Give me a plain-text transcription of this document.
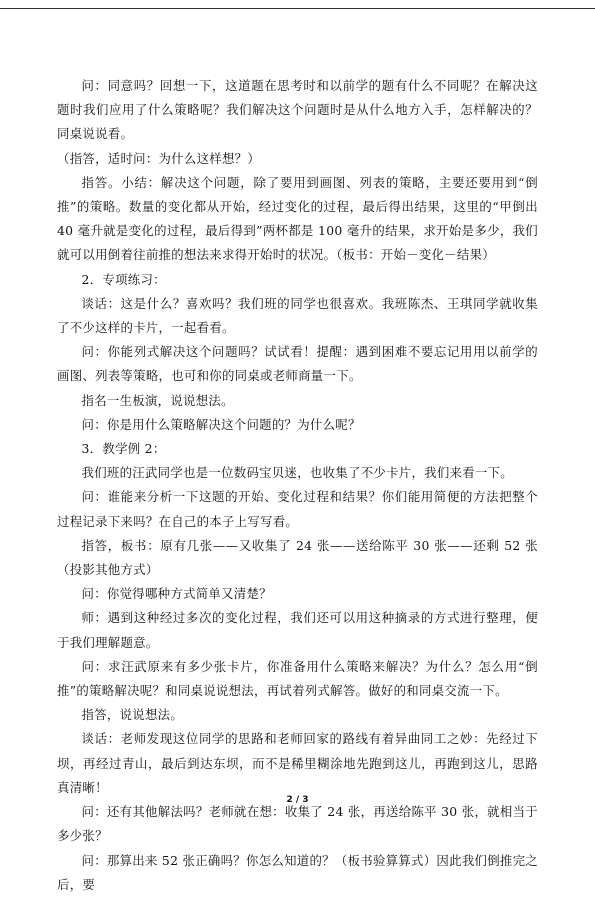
问：同意吗？回想一下，这道题在思考时和以前学的题有什么不同呢？在解决这题时我们应用了什么策略呢？我们解决这个问题时是从什么地方入手，怎样解决的？同桌说说看。

（指答，适时问：为什么这样想？）

指答。小结：解决这个问题，除了要用到画图、列表的策略，主要还要用到“倒推”的策略。数量的变化都从开始，经过变化的过程，最后得出结果，这里的“甲倒出 40 毫升就是变化的过程，最后得到”两杯都是 100 毫升的结果，求开始是多少，我们就可以用倒着往前推的想法来求得开始时的状况。（板书：开始－变化－结果）

2．专项练习：

谈话：这是什么？喜欢吗？我们班的同学也很喜欢。我班陈杰、王琪同学就收集了不少这样的卡片，一起看看。

问：你能列式解决这个问题吗？试试看！提醒：遇到困难不要忘记用用以前学的画图、列表等策略，也可和你的同桌或老师商量一下。

指名一生板演，说说想法。

问：你是用什么策略解决这个问题的？为什么呢？

3．教学例 2：

我们班的汪武同学也是一位数码宝贝迷，也收集了不少卡片，我们来看一下。

问：谁能来分析一下这题的开始、变化过程和结果？你们能用简便的方法把整个过程记录下来吗？在自己的本子上写写看。

指答，板书：原有几张——又收集了 24 张——送给陈平 30 张——还剩 52 张（投影其他方式）

问：你觉得哪种方式简单又清楚？

师：遇到这种经过多次的变化过程，我们还可以用这种摘录的方式进行整理，便于我们理解题意。

问：求汪武原来有多少张卡片，你准备用什么策略来解决？为什么？怎么用“倒推”的策略解决呢？和同桌说说想法，再试着列式解答。做好的和同桌交流一下。

指答，说说想法。

谈话：老师发现这位同学的思路和老师回家的路线有着异曲同工之妙：先经过下坝，再经过青山，最后到达东坝，而不是稀里糊涂地先跑到这儿，再跑到这儿，思路真清晰！

问：还有其他解法吗？老师就在想：收集了 24 张，再送给陈平 30 张，就相当于多少张？

问：那算出来 52 张正确吗？你怎么知道的？（板书验算算式）因此我们倒推完之后，要

2 / 3
